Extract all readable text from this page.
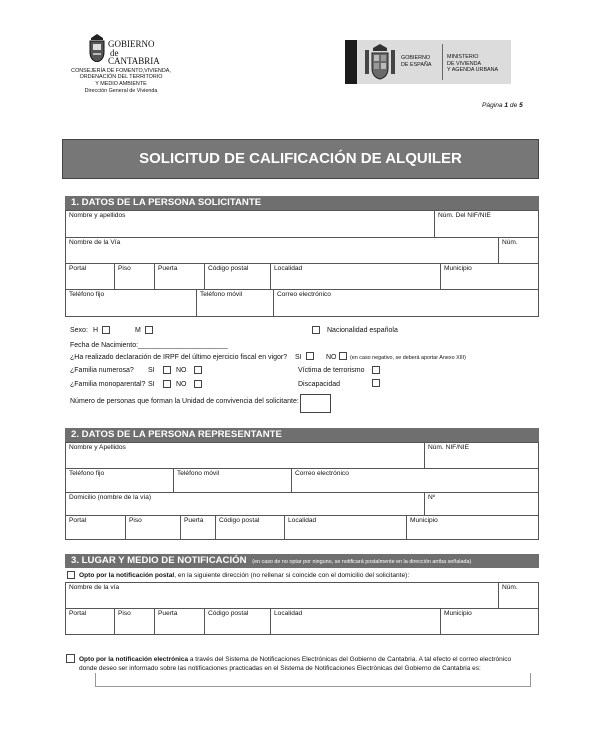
GOBIERNO
de
CANTABRIA
CONSEJERÍA DE FOMENTO,VIVIENDA,
ORDENACIÓN DEL TERRITORIO
Y MEDIO AMBIENTE
Dirección General de Vivienda
GOBIERNO
DE ESPAÑA
MINISTERIO
DE VIVIENDA
Y AGENDA URBANA
Página 1 de 5
SOLICITUD DE CALIFICACIÓN DE ALQUILER
1. DATOS DE LA PERSONA SOLICITANTE
Nombre y apellidos	Núm. Del NIF/NIE
Nombre de la Vía	Núm.
Portal	Piso	Puerta	Código postal	Localidad	Municipio
Teléfono fijo	Teléfono móvil	Correo electrónico
Sexo: H	M	Nacionalidad española
Fecha de Nacimiento:_______________________
¿Ha realizado declaración de IRPF del último ejercicio fiscal en vigor? SI	NO	(en caso negativo, se deberá aportar Anexo XIII)
¿Familia numerosa? SI	NO	Víctima de terrorismo
¿Familia monoparental? SI	NO	Discapacidad
Número de personas que forman la Unidad de convivencia del solicitante:
2. DATOS DE LA PERSONA REPRESENTANTE
Nombre y Apellidos	Núm. NIF/NIE
Teléfono fijo	Teléfono móvil	Correo electrónico
Domicilio (nombre de la vía)	Nº
Portal	Piso	Puerta Código postal	Localidad	Municipio
3. LUGAR Y MEDIO DE NOTIFICACIÓN (en caso de no optar por ninguno, se notificará postalmente en la dirección arriba señalada)
Opto por la notificación postal, en la siguiente dirección (no rellenar si coincide con el domicilio del solicitante):
Nombre de la vía	Núm.
Portal	Piso	Puerta	Código postal	Localidad	Municipio
Opto por la notificación electrónica a través del Sistema de Notificaciones Electrónicas del Gobierno de Cantabria. A tal efecto el correo electrónico
donde deseo ser informado sobre las notificaciones practicadas en el Sistema de Notificaciones Electrónicas del Gobierno de Cantabria es:
